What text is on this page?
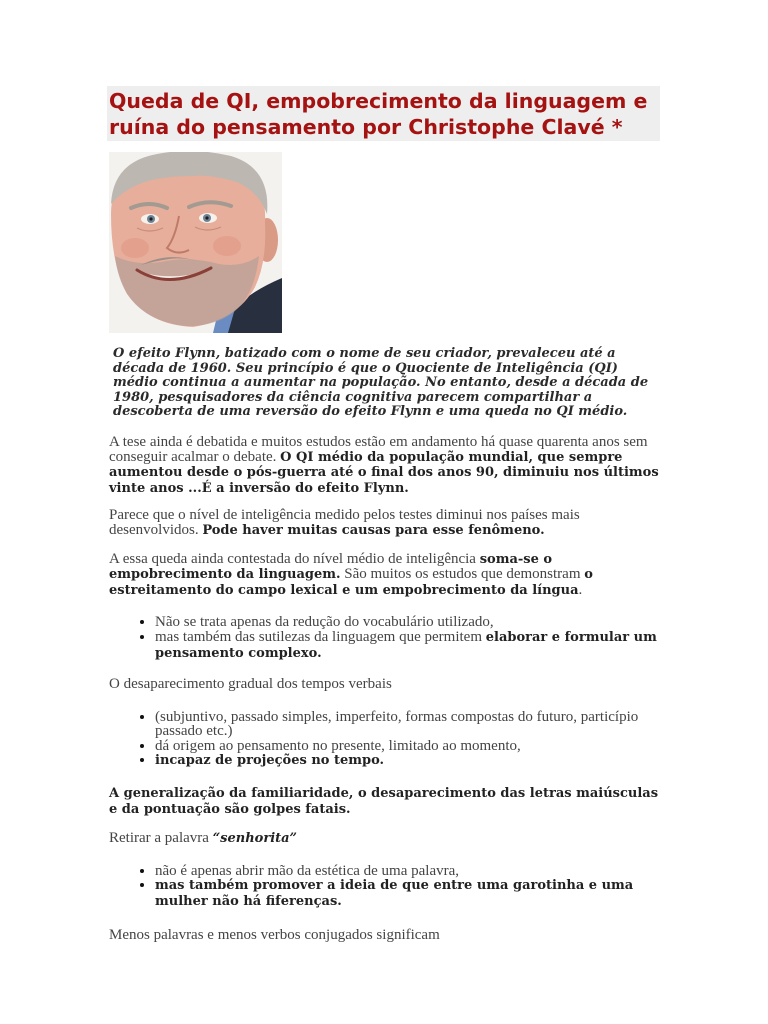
Queda de QI, empobrecimento da linguagem e ruína do pensamento por Christophe Clavé *

O efeito Flynn, batizado com o nome de seu criador, prevaleceu até a década de 1960. Seu princípio é que o Quociente de Inteligência (QI) médio continua a aumentar na população. No entanto, desde a década de 1980, pesquisadores da ciência cognitiva parecem compartilhar a descoberta de uma reversão do efeito Flynn e uma queda no QI médio.

A tese ainda é debatida e muitos estudos estão em andamento há quase quarenta anos sem conseguir acalmar o debate. O QI médio da população mundial, que sempre aumentou desde o pós-guerra até o final dos anos 90, diminuiu nos últimos vinte anos ...É a inversão do efeito Flynn.

Parece que o nível de inteligência medido pelos testes diminui nos países mais desenvolvidos. Pode haver muitas causas para esse fenômeno.

A essa queda ainda contestada do nível médio de inteligência soma-se o empobrecimento da linguagem. São muitos os estudos que demonstram o estreitamento do campo lexical e um empobrecimento da língua.

• Não se trata apenas da redução do vocabulário utilizado,
• mas também das sutilezas da linguagem que permitem elaborar e formular um pensamento complexo.

O desaparecimento gradual dos tempos verbais

• (subjuntivo, passado simples, imperfeito, formas compostas do futuro, particípio passado etc.)
• dá origem ao pensamento no presente, limitado ao momento,
• incapaz de projeções no tempo.

A generalização da familiaridade, o desaparecimento das letras maiúsculas e da pontuação são golpes fatais.

Retirar a palavra “senhorita”

• não é apenas abrir mão da estética de uma palavra,
• mas também promover a ideia de que entre uma garotinha e uma mulher não há fiferenças.

Menos palavras e menos verbos conjugados significam
